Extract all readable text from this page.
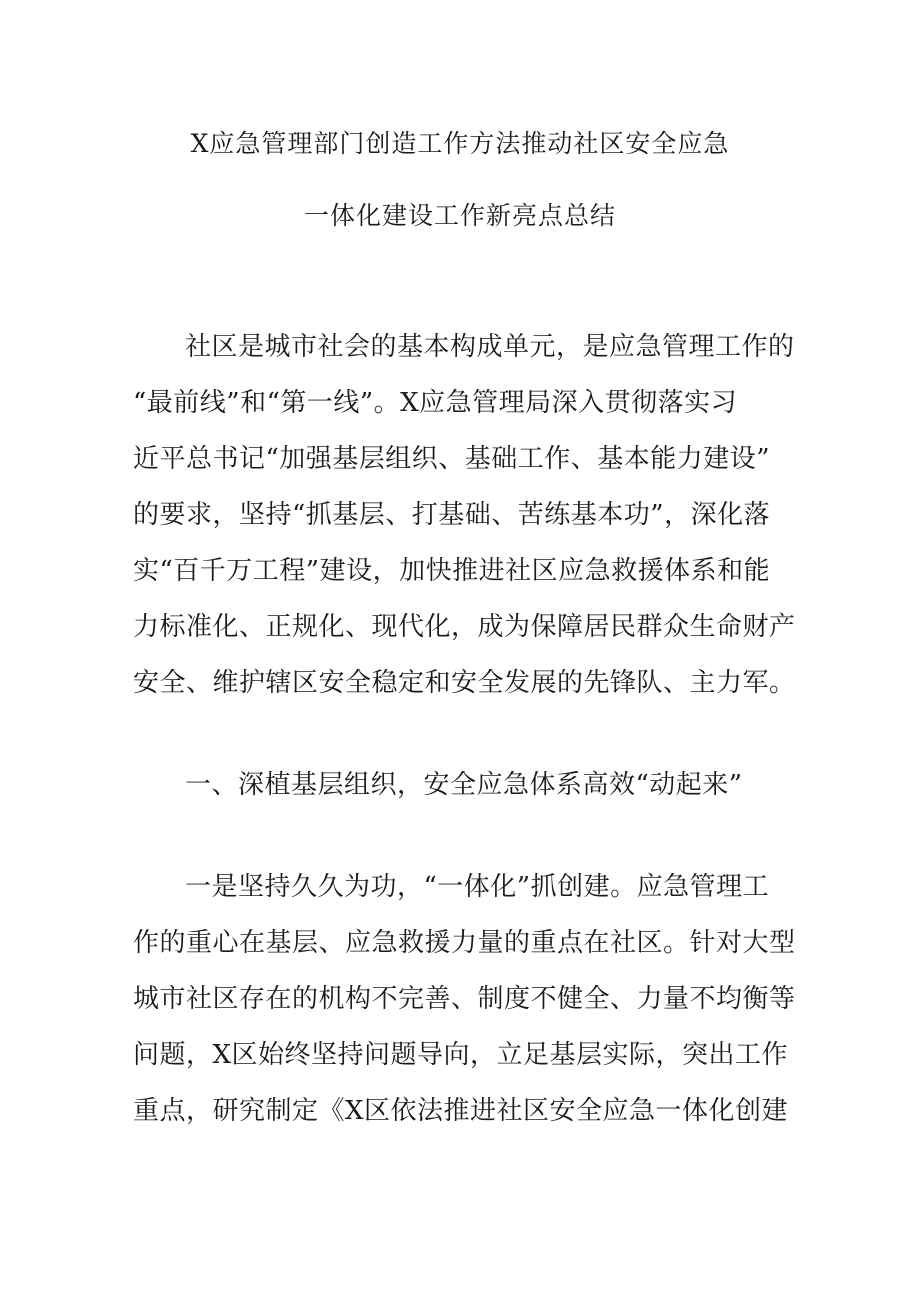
X应急管理部门创造工作方法推动社区安全应急
一体化建设工作新亮点总结
社区是城市社会的基本构成单元，是应急管理工作的
“最前线”和“第一线”。X应急管理局深入贯彻落实习
近平总书记“加强基层组织、基础工作、基本能力建设”
的要求，坚持“抓基层、打基础、苦练基本功”，深化落
实“百千万工程”建设，加快推进社区应急救援体系和能
力标准化、正规化、现代化，成为保障居民群众生命财产
安全、维护辖区安全稳定和安全发展的先锋队、主力军。
一、深植基层组织，安全应急体系高效“动起来”
一是坚持久久为功，“一体化”抓创建。应急管理工
作的重心在基层、应急救援力量的重点在社区。针对大型
城市社区存在的机构不完善、制度不健全、力量不均衡等
问题，X区始终坚持问题导向，立足基层实际，突出工作
重点，研究制定《X区依法推进社区安全应急一体化创建
